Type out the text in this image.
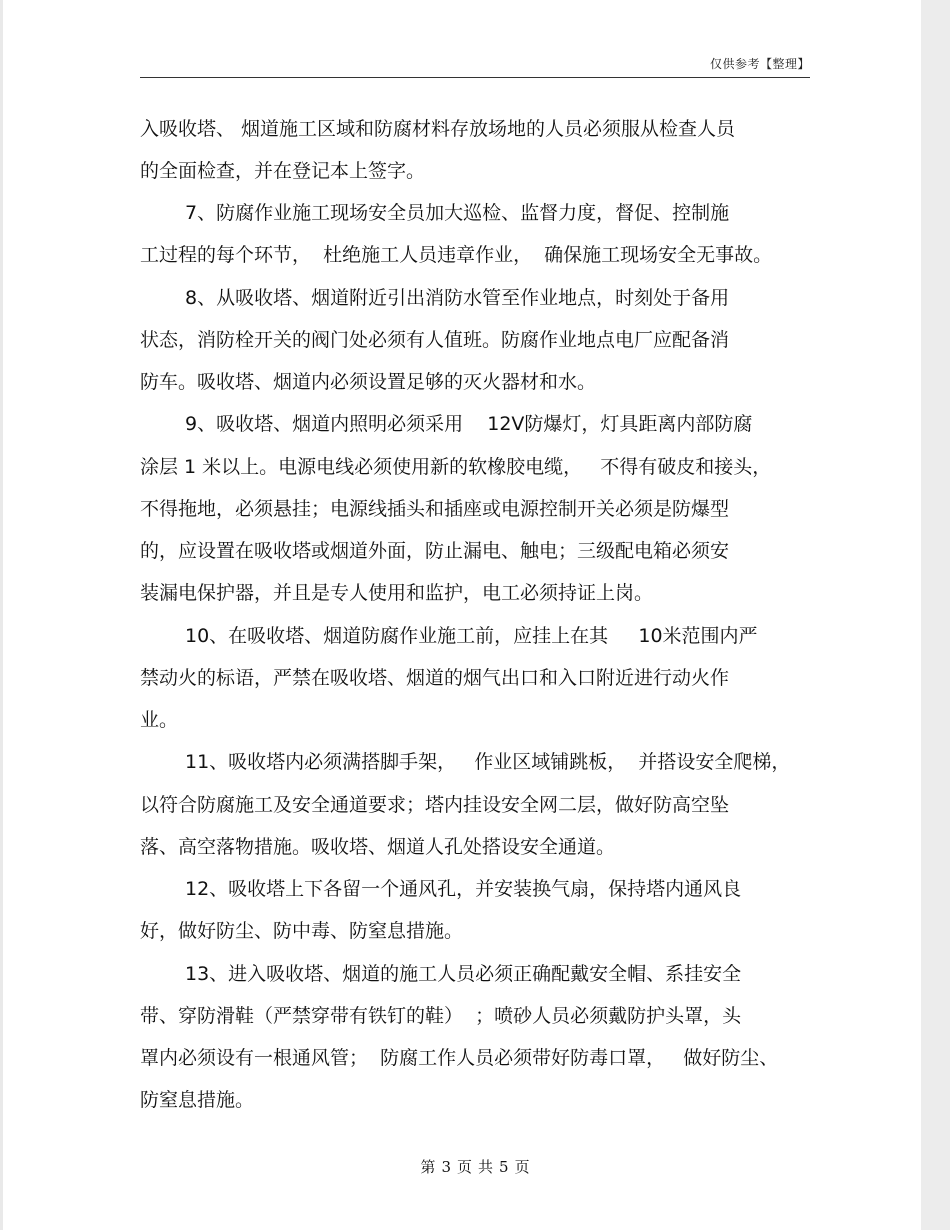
仅供参考【整理】
入吸收塔、 烟道施工区域和防腐材料存放场地的人员必须服从检查人员
的全面检查，并在登记本上签字。
7、防腐作业施工现场安全员加大巡检、监督力度，督促、控制施
工过程的每个环节，  杜绝施工人员违章作业，  确保施工现场安全无事故。
8、从吸收塔、烟道附近引出消防水管至作业地点，时刻处于备用
状态，消防栓开关的阀门处必须有人值班。防腐作业地点电厂应配备消
防车。吸收塔、烟道内必须设置足够的灭火器材和水。
9、吸收塔、烟道内照明必须采用    12V防爆灯，灯具距离内部防腐
涂层 1 米以上。电源电线必须使用新的软橡胶电缆，   不得有破皮和接头，
不得拖地，必须悬挂；电源线插头和插座或电源控制开关必须是防爆型
的，应设置在吸收塔或烟道外面，防止漏电、触电；三级配电箱必须安
装漏电保护器，并且是专人使用和监护，电工必须持证上岗。
10、在吸收塔、烟道防腐作业施工前，应挂上在其     10米范围内严
禁动火的标语，严禁在吸收塔、烟道的烟气出口和入口附近进行动火作
业。
11、吸收塔内必须满搭脚手架，   作业区域铺跳板，  并搭设安全爬梯，
以符合防腐施工及安全通道要求；塔内挂设安全网二层，做好防高空坠
落、高空落物措施。吸收塔、烟道人孔处搭设安全通道。
12、吸收塔上下各留一个通风孔，并安装换气扇，保持塔内通风良
好，做好防尘、防中毒、防窒息措施。
13、进入吸收塔、烟道的施工人员必须正确配戴安全帽、系挂安全
带、穿防滑鞋（严禁穿带有铁钉的鞋）  ；喷砂人员必须戴防护头罩，头
罩内必须设有一根通风管；  防腐工作人员必须带好防毒口罩，   做好防尘、
防窒息措施。
第 3 页 共 5 页
